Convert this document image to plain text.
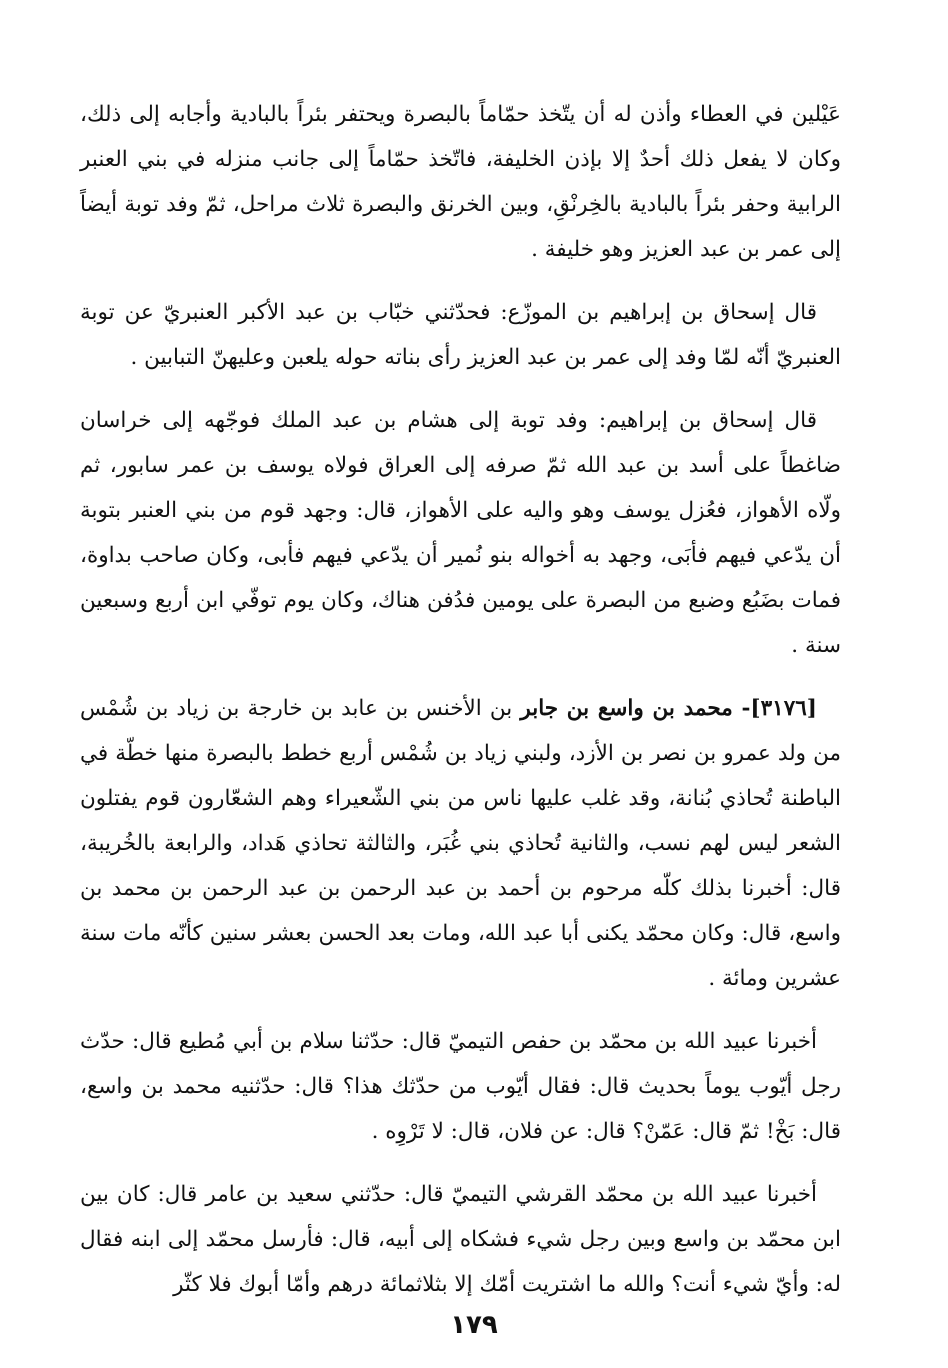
عَيْلين في العطاء وأذن له أن يتّخذ حمّاماً بالبصرة ويحتفر بئراً بالبادية وأجابه إلى ذلك، وكان لا يفعل ذلك أحدٌ إلا بإذن الخليفة، فاتّخذ حمّاماً إلى جانب منزله في بني العنبر الرابية وحفر بئراً بالبادية بالخِرنْقِ، وبين الخرنق والبصرة ثلاث مراحل، ثمّ وفد توبة أيضاً إلى عمر بن عبد العزيز وهو خليفة .

قال إسحاق بن إبراهيم بن الموزّع: فحدّثني خبّاب بن عبد الأكبر العنبريّ عن توبة العنبريّ أنّه لمّا وفد إلى عمر بن عبد العزيز رأى بناته حوله يلعبن وعليهنّ التبابين .

قال إسحاق بن إبراهيم: وفد توبة إلى هشام بن عبد الملك فوجّهه إلى خراسان ضاغطاً على أسد بن عبد الله ثمّ صرفه إلى العراق فولاه يوسف بن عمر سابور، ثم ولّاه الأهواز، فعُزل يوسف وهو واليه على الأهواز، قال: وجهد قوم من بني العنبر بتوبة أن يدّعي فيهم فأبَى، وجهد به أخواله بنو نُمير أن يدّعي فيهم فأبى، وكان صاحب بداوة، فمات بضَبُع وضبع من البصرة على يومين فدُفن هناك، وكان يوم توفّي ابن أربع وسبعين سنة .

[٣١٧٦]- محمد بن واسع بن جابر بن الأخنس بن عابد بن خارجة بن زياد بن شُمْس من ولد عمرو بن نصر بن الأزد، ولبني زياد بن شُمْس أربع خطط بالبصرة منها خطّة في الباطنة تُحاذي بُنانة، وقد غلب عليها ناس من بني الشّعيراء وهم الشعّارون قوم يفتلون الشعر ليس لهم نسب، والثانية تُحاذي بني غُبَر، والثالثة تحاذي هَداد، والرابعة بالخُريبة، قال: أخبرنا بذلك كلّه مرحوم بن أحمد بن عبد الرحمن بن عبد الرحمن بن محمد بن واسع، قال: وكان محمّد يكنى أبا عبد الله، ومات بعد الحسن بعشر سنين كأنّه مات سنة عشرين ومائة .

أخبرنا عبيد الله بن محمّد بن حفص التيميّ قال: حدّثنا سلام بن أبي مُطيع قال: حدّث رجل أيّوب يوماً بحديث قال: فقال أيّوب من حدّثك هذا؟ قال: حدّثنيه محمد بن واسع، قال: بَخْ! ثمّ قال: عَمّنْ؟ قال: عن فلان، قال: لا تَرْوِه .

أخبرنا عبيد الله بن محمّد القرشي التيميّ قال: حدّثني سعيد بن عامر قال: كان بين ابن محمّد بن واسع وبين رجل شيء فشكاه إلى أبيه، قال: فأرسل محمّد إلى ابنه فقال له: وأيّ شيء أنت؟ والله ما اشتريت أمّك إلا بثلاثمائة درهم وأمّا أبوك فلا كثّر

١٧٩
